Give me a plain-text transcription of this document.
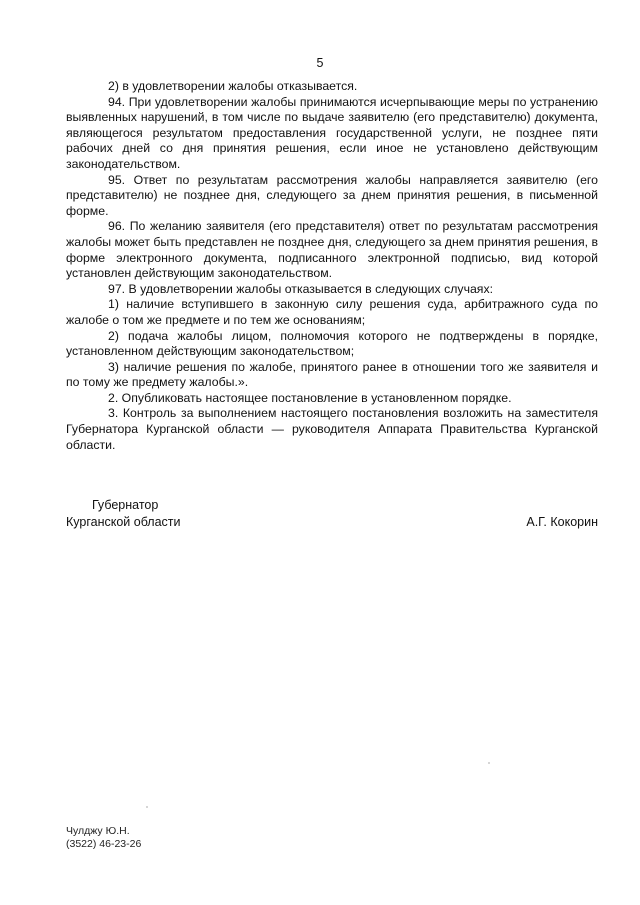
5

2) в удовлетворении жалобы отказывается.

94. При удовлетворении жалобы принимаются исчерпывающие меры по устранению выявленных нарушений, в том числе по выдаче заявителю (его представителю) документа, являющегося результатом предоставления государственной услуги, не позднее пяти рабочих дней со дня принятия решения, если иное не установлено действующим законодательством.

95. Ответ по результатам рассмотрения жалобы направляется заявителю (его представителю) не позднее дня, следующего за днем принятия решения, в письменной форме.

96. По желанию заявителя (его представителя) ответ по результатам рассмотрения жалобы может быть представлен не позднее дня, следующего за днем принятия решения, в форме электронного документа, подписанного электронной подписью, вид которой установлен действующим законодательством.

97. В удовлетворении жалобы отказывается в следующих случаях:

1) наличие вступившего в законную силу решения суда, арбитражного суда по жалобе о том же предмете и по тем же основаниям;

2) подача жалобы лицом, полномочия которого не подтверждены в порядке, установленном действующим законодательством;

3) наличие решения по жалобе, принятого ранее в отношении того же заявителя и по тому же предмету жалобы.».

2. Опубликовать настоящее постановление в установленном порядке.

3. Контроль за выполнением настоящего постановления возложить на заместителя Губернатора Курганской области — руководителя Аппарата Правительства Курганской области.

Губернатор
Курганской области	А.Г. Кокорин
Чулджу Ю.Н.
(3522) 46-23-26
